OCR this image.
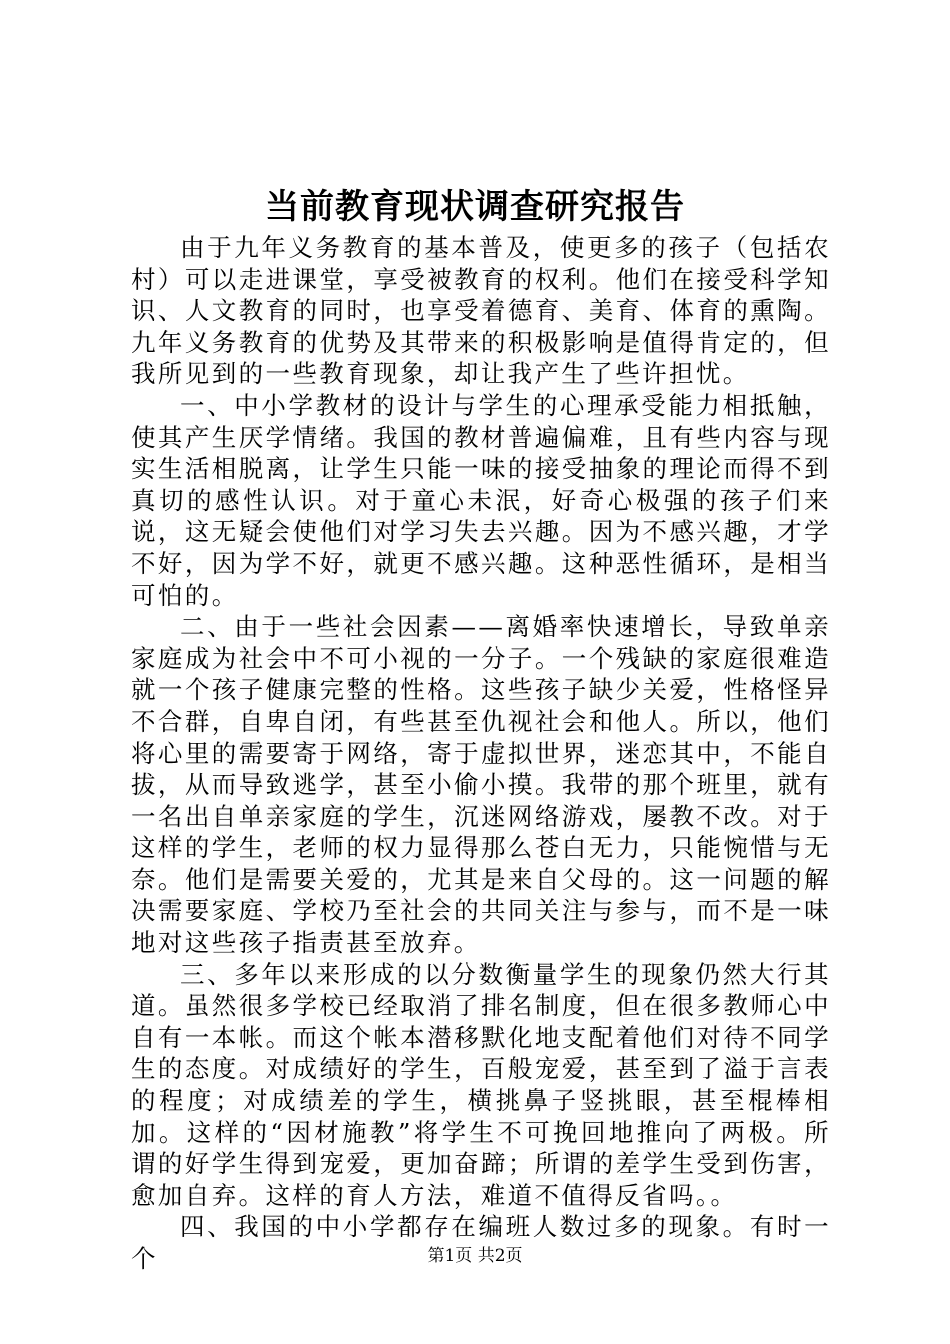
当前教育现状调查研究报告

由于九年义务教育的基本普及，使更多的孩子（包括农村）可以走进课堂，享受被教育的权利。他们在接受科学知识、人文教育的同时，也享受着德育、美育、体育的熏陶。九年义务教育的优势及其带来的积极影响是值得肯定的，但我所见到的一些教育现象，却让我产生了些许担忧。

一、中小学教材的设计与学生的心理承受能力相抵触，使其产生厌学情绪。我国的教材普遍偏难，且有些内容与现实生活相脱离，让学生只能一味的接受抽象的理论而得不到真切的感性认识。对于童心未泯，好奇心极强的孩子们来说，这无疑会使他们对学习失去兴趣。因为不感兴趣，才学不好，因为学不好，就更不感兴趣。这种恶性循环，是相当可怕的。

二、由于一些社会因素——离婚率快速增长，导致单亲家庭成为社会中不可小视的一分子。一个残缺的家庭很难造就一个孩子健康完整的性格。这些孩子缺少关爱，性格怪异不合群，自卑自闭，有些甚至仇视社会和他人。所以，他们将心里的需要寄于网络，寄于虚拟世界，迷恋其中，不能自拔，从而导致逃学，甚至小偷小摸。我带的那个班里，就有一名出自单亲家庭的学生，沉迷网络游戏，屡教不改。对于这样的学生，老师的权力显得那么苍白无力，只能惋惜与无奈。他们是需要关爱的，尤其是来自父母的。这一问题的解决需要家庭、学校乃至社会的共同关注与参与，而不是一味地对这些孩子指责甚至放弃。

三、多年以来形成的以分数衡量学生的现象仍然大行其道。虽然很多学校已经取消了排名制度，但在很多教师心中自有一本帐。而这个帐本潜移默化地支配着他们对待不同学生的态度。对成绩好的学生，百般宠爱，甚至到了溢于言表的程度；对成绩差的学生，横挑鼻子竖挑眼，甚至棍棒相加。这样的“因材施教”将学生不可挽回地推向了两极。所谓的好学生得到宠爱，更加奋蹄；所谓的差学生受到伤害，愈加自弃。这样的育人方法，难道不值得反省吗。。

四、我国的中小学都存在编班人数过多的现象。有时一个	第1页 共2页
